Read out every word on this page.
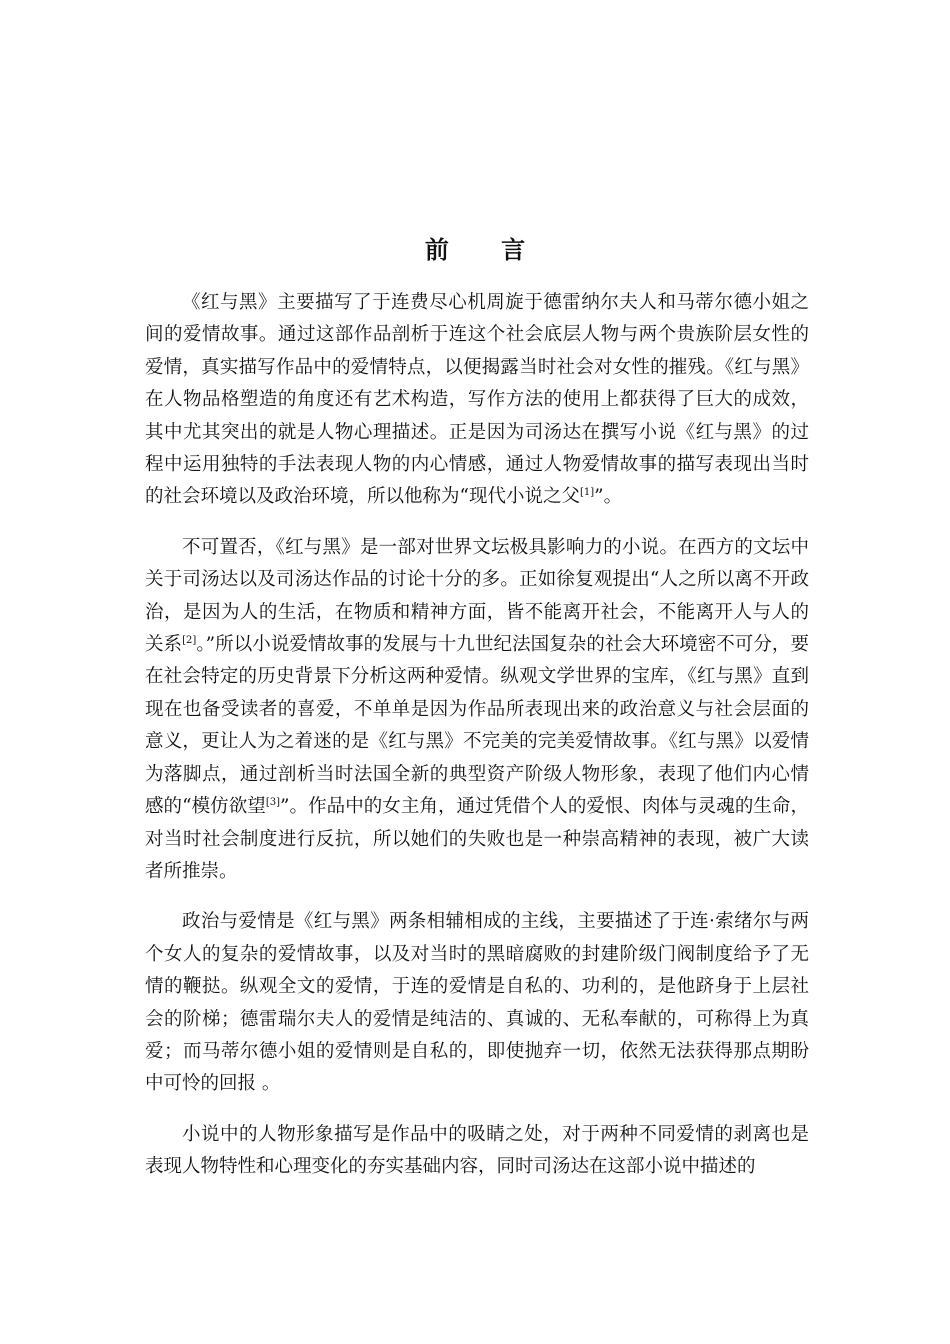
前 言

《红与黑》主要描写了于连费尽心机周旋于德雷纳尔夫人和马蒂尔德小姐之间的爱情故事。通过这部作品剖析于连这个社会底层人物与两个贵族阶层女性的爱情，真实描写作品中的爱情特点，以便揭露当时社会对女性的摧残。《红与黑》在人物品格塑造的角度还有艺术构造，写作方法的使用上都获得了巨大的成效，其中尤其突出的就是人物心理描述。正是因为司汤达在撰写小说《红与黑》的过程中运用独特的手法表现人物的内心情感，通过人物爱情故事的描写表现出当时的社会环境以及政治环境，所以他称为“现代小说之父[1]”。

不可置否，《红与黑》是一部对世界文坛极具影响力的小说。在西方的文坛中关于司汤达以及司汤达作品的讨论十分的多。正如徐复观提出“人之所以离不开政治，是因为人的生活，在物质和精神方面，皆不能离开社会，不能离开人与人的关系[2]。”所以小说爱情故事的发展与十九世纪法国复杂的社会大环境密不可分，要在社会特定的历史背景下分析这两种爱情。纵观文学世界的宝库，《红与黑》直到现在也备受读者的喜爱，不单单是因为作品所表现出来的政治意义与社会层面的意义，更让人为之着迷的是《红与黑》不完美的完美爱情故事。《红与黑》以爱情为落脚点，通过剖析当时法国全新的典型资产阶级人物形象，表现了他们内心情感的“模仿欲望[3]”。作品中的女主角，通过凭借个人的爱恨、肉体与灵魂的生命，对当时社会制度进行反抗，所以她们的失败也是一种崇高精神的表现，被广大读者所推崇。

政治与爱情是《红与黑》两条相辅相成的主线，主要描述了于连·索绪尔与两个女人的复杂的爱情故事，以及对当时的黑暗腐败的封建阶级门阀制度给予了无情的鞭挞。纵观全文的爱情，于连的爱情是自私的、功利的，是他跻身于上层社会的阶梯；德雷瑞尔夫人的爱情是纯洁的、真诚的、无私奉献的，可称得上为真爱；而马蒂尔德小姐的爱情则是自私的，即使抛弃一切，依然无法获得那点期盼中可怜的回报 。

小说中的人物形象描写是作品中的吸睛之处，对于两种不同爱情的剥离也是表现人物特性和心理变化的夯实基础内容，同时司汤达在这部小说中描述的
